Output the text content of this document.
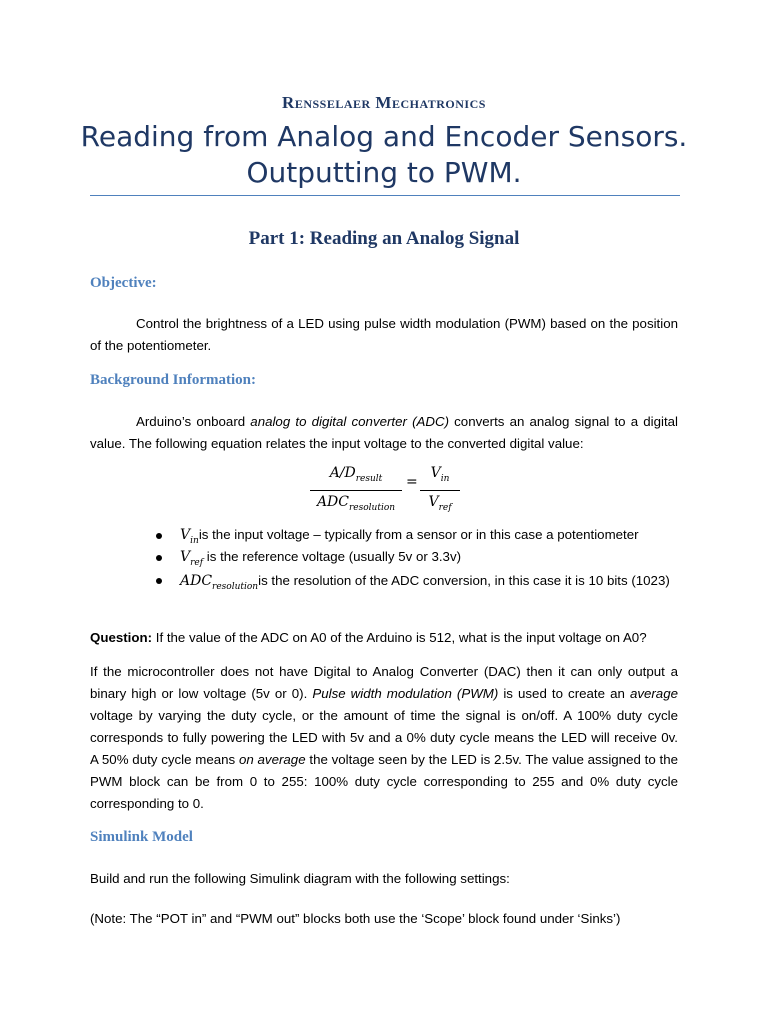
Rensselaer Mechatronics
Reading from Analog and Encoder Sensors.
Outputting to PWM.
Part 1: Reading an Analog Signal
Objective:
Control the brightness of a LED using pulse width modulation (PWM) based on the position of the potentiometer.
Background Information:
Arduino’s onboard analog to digital converter (ADC) converts an analog signal to a digital value. The following equation relates the input voltage to the converted digital value:
$A/D_{result}$
$ADC_{resolution}$
=
$V_{in}$
$V_{ref}$
$V_{in}is$ the input voltage – typically from a sensor or in this case a potentiometer
$V_{ref}$ is the reference voltage (usually 5v or 3.3v)
$ADC_{resolution}is$ the resolution of the ADC conversion, in this case it is 10 bits (1023)
Question: If the value of the ADC on A0 of the Arduino is 512, what is the input voltage on A0?
If the microcontroller does not have Digital to Analog Converter (DAC) then it can only output a binary high or low voltage (5v or 0). Pulse width modulation (PWM) is used to create an average voltage by varying the duty cycle, or the amount of time the signal is on/off. A 100% duty cycle corresponds to fully powering the LED with 5v and a 0% duty cycle means the LED will receive 0v. A 50% duty cycle means on average the voltage seen by the LED is 2.5v. The value assigned to the PWM block can be from 0 to 255: 100% duty cycle corresponding to 255 and 0% duty cycle corresponding to 0.
Simulink Model
Build and run the following Simulink diagram with the following settings:
(Note: The “POT in” and “PWM out” blocks both use the ‘Scope’ block found under ‘Sinks’)
